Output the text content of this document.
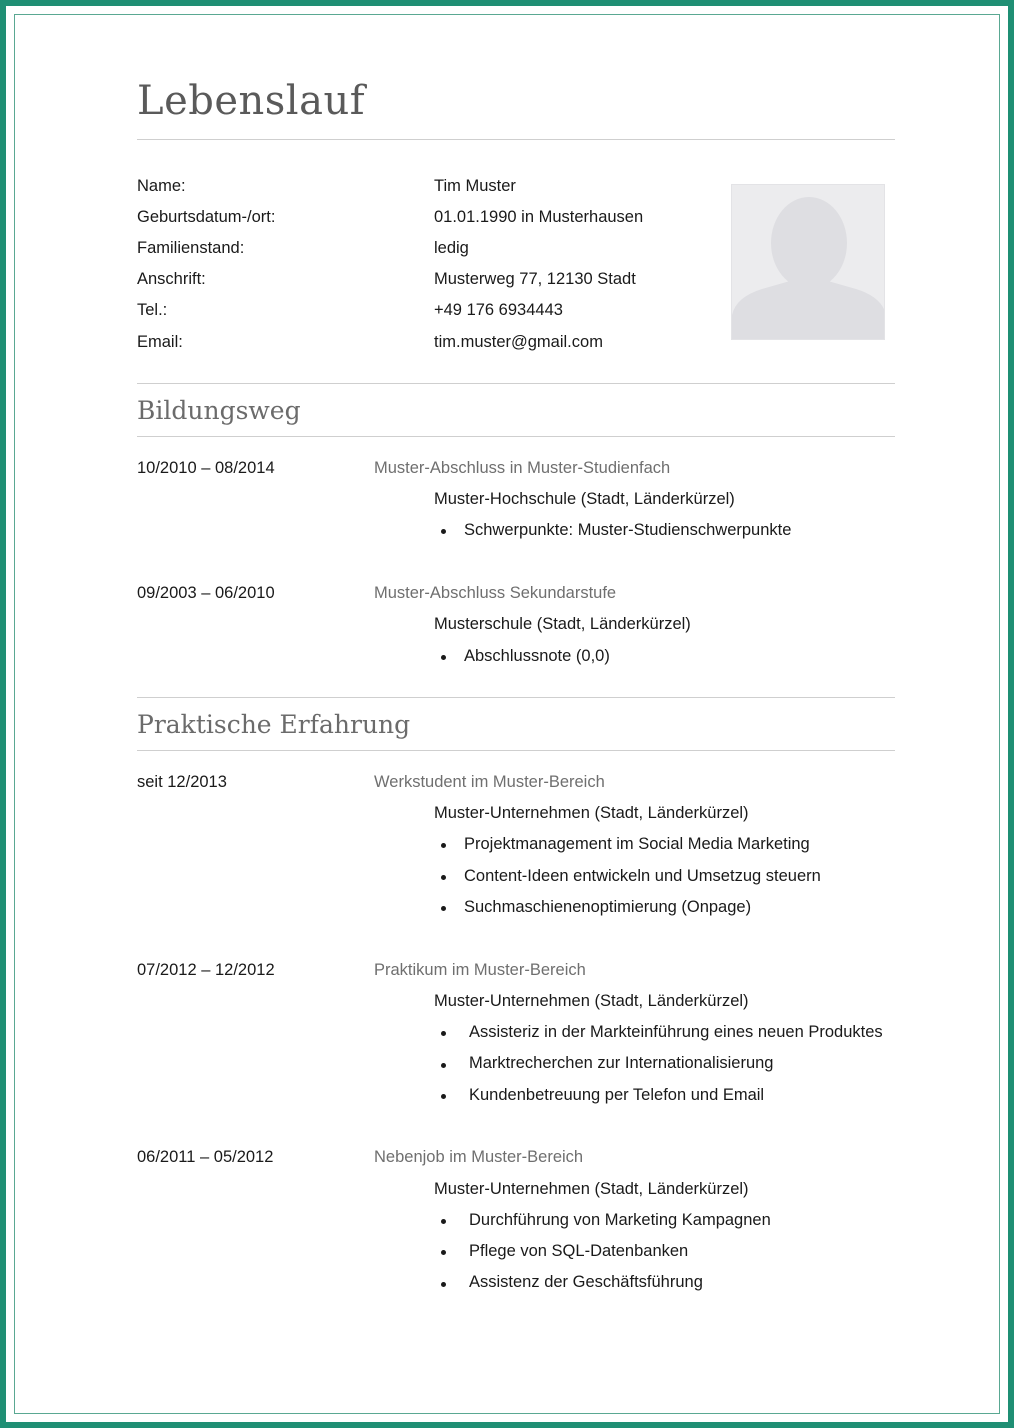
Lebenslauf
Name:	Tim Muster
Geburtsdatum-/ort:	01.01.1990 in Musterhausen
Familienstand:	ledig
Anschrift:	Musterweg 77, 12130 Stadt
Tel.:	+49 176 6934443
Email:	tim.muster@gmail.com
Bildungsweg
10/2010 – 08/2014	Muster-Abschluss in Muster-Studienfach
Muster-Hochschule (Stadt, Länderkürzel)
Schwerpunkte: Muster-Studienschwerpunkte
09/2003 – 06/2010	Muster-Abschluss Sekundarstufe
Musterschule (Stadt, Länderkürzel)
Abschlussnote (0,0)
Praktische Erfahrung
seit 12/2013	Werkstudent im Muster-Bereich
Muster-Unternehmen (Stadt, Länderkürzel)
Projektmanagement im Social Media Marketing
Content-Ideen entwickeln und Umsetzug steuern
Suchmaschienenoptimierung (Onpage)
07/2012 – 12/2012	Praktikum im Muster-Bereich
Muster-Unternehmen (Stadt, Länderkürzel)
Assisteriz in der Markteinführung eines neuen Produktes
Marktrecherchen zur Internationalisierung
Kundenbetreuung per Telefon und Email
06/2011 – 05/2012	Nebenjob im Muster-Bereich
Muster-Unternehmen (Stadt, Länderkürzel)
Durchführung von Marketing Kampagnen
Pflege von SQL-Datenbanken
Assistenz der Geschäftsführung
